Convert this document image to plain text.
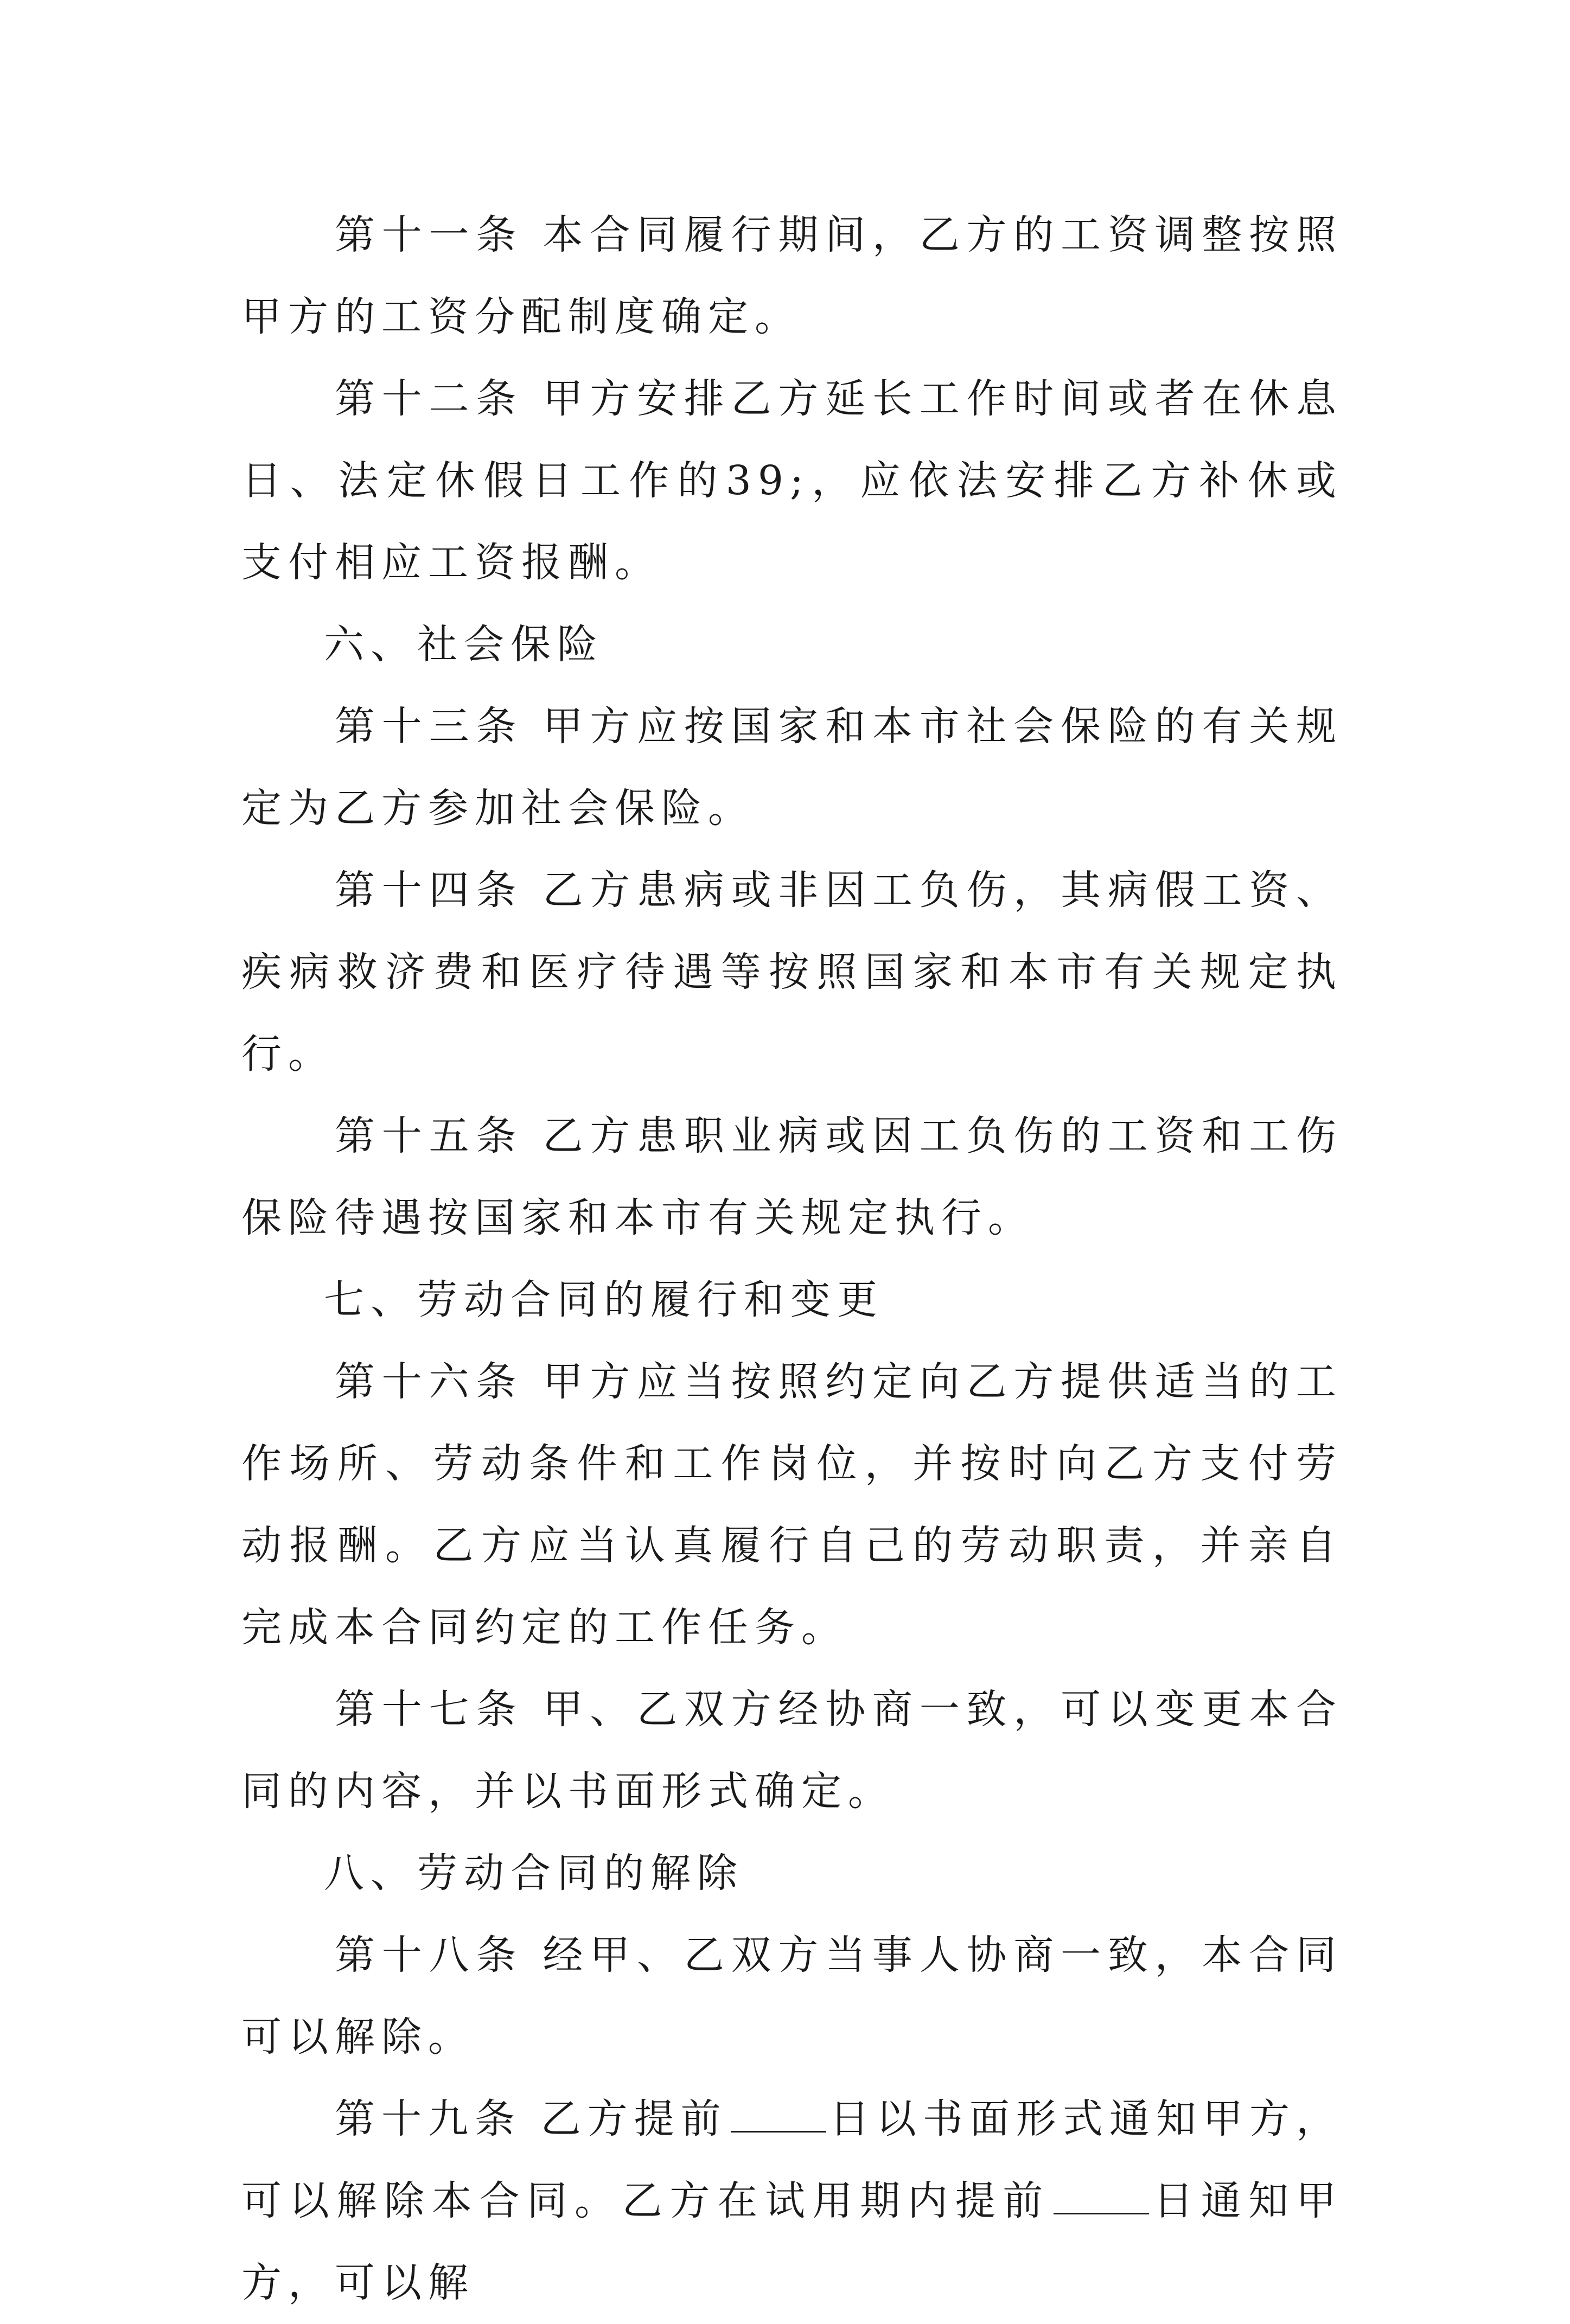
第十一条 本合同履行期间，乙方的工资调整按照甲方的工资分配制度确定。

第十二条 甲方安排乙方延长工作时间或者在休息日、法定休假日工作的39;，应依法安排乙方补休或支付相应工资报酬。

六、社会保险

第十三条 甲方应按国家和本市社会保险的有关规定为乙方参加社会保险。

第十四条 乙方患病或非因工负伤，其病假工资、疾病救济费和医疗待遇等按照国家和本市有关规定执行。

第十五条 乙方患职业病或因工负伤的工资和工伤保险待遇按国家和本市有关规定执行。

七、劳动合同的履行和变更

第十六条 甲方应当按照约定向乙方提供适当的工作场所、劳动条件和工作岗位，并按时向乙方支付劳动报酬。乙方应当认真履行自己的劳动职责，并亲自完成本合同约定的工作任务。

第十七条 甲、乙双方经协商一致，可以变更本合同的内容，并以书面形式确定。

八、劳动合同的解除

第十八条 经甲、乙双方当事人协商一致，本合同可以解除。

第十九条 乙方提前	日以书面形式通知甲方，可以解除本合同。乙方在试用期内提前	日通知甲方，可以解
